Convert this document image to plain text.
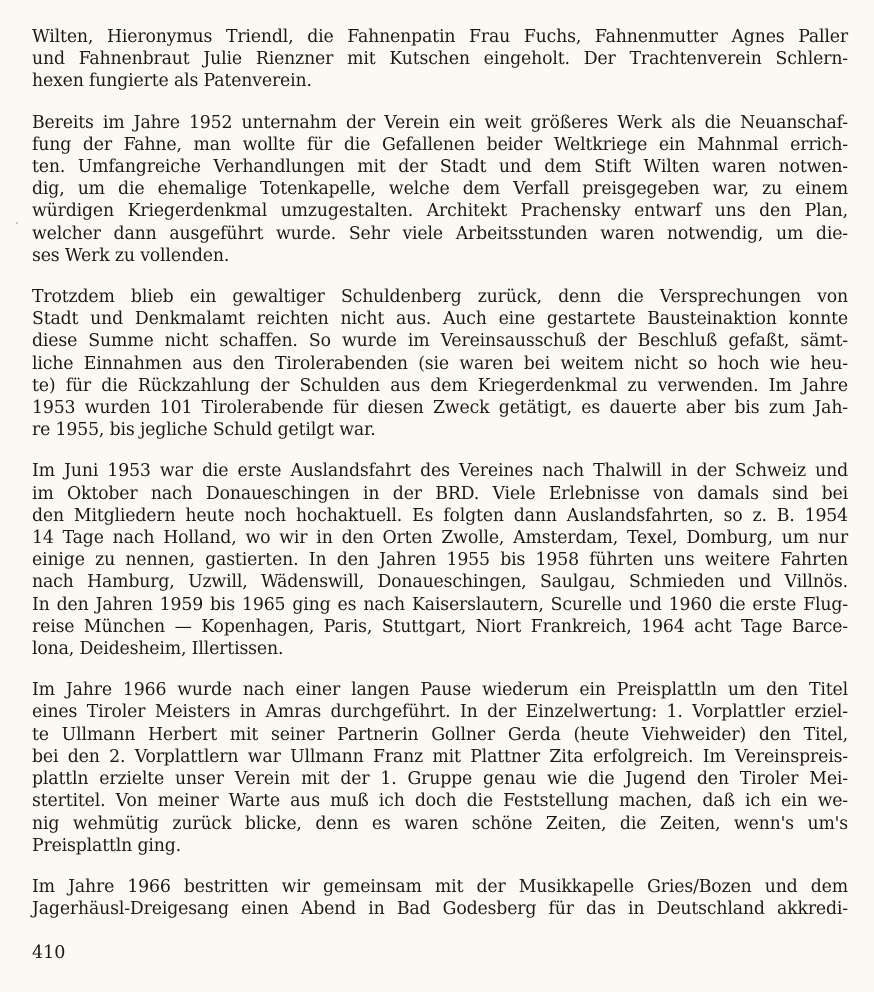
Wilten, Hieronymus Triendl, die Fahnenpatin Frau Fuchs, Fahnenmutter Agnes Paller
und Fahnenbraut Julie Rienzner mit Kutschen eingeholt. Der Trachtenverein Schlern-
hexen fungierte als Patenverein.

Bereits im Jahre 1952 unternahm der Verein ein weit größeres Werk als die Neuanschaf-
fung der Fahne, man wollte für die Gefallenen beider Weltkriege ein Mahnmal errich-
ten. Umfangreiche Verhandlungen mit der Stadt und dem Stift Wilten waren notwen-
dig, um die ehemalige Totenkapelle, welche dem Verfall preisgegeben war, zu einem
würdigen Kriegerdenkmal umzugestalten. Architekt Prachensky entwarf uns den Plan,
welcher dann ausgeführt wurde. Sehr viele Arbeitsstunden waren notwendig, um die-
ses Werk zu vollenden.

Trotzdem blieb ein gewaltiger Schuldenberg zurück, denn die Versprechungen von
Stadt und Denkmalamt reichten nicht aus. Auch eine gestartete Bausteinaktion konnte
diese Summe nicht schaffen. So wurde im Vereinsausschuß der Beschluß gefaßt, sämt-
liche Einnahmen aus den Tirolerabenden (sie waren bei weitem nicht so hoch wie heu-
te) für die Rückzahlung der Schulden aus dem Kriegerdenkmal zu verwenden. Im Jahre
1953 wurden 101 Tirolerabende für diesen Zweck getätigt, es dauerte aber bis zum Jah-
re 1955, bis jegliche Schuld getilgt war.

Im Juni 1953 war die erste Auslandsfahrt des Vereines nach Thalwill in der Schweiz und
im Oktober nach Donaueschingen in der BRD. Viele Erlebnisse von damals sind bei
den Mitgliedern heute noch hochaktuell. Es folgten dann Auslandsfahrten, so z. B. 1954
14 Tage nach Holland, wo wir in den Orten Zwolle, Amsterdam, Texel, Domburg, um nur
einige zu nennen, gastierten. In den Jahren 1955 bis 1958 führten uns weitere Fahrten
nach Hamburg, Uzwill, Wädenswill, Donaueschingen, Saulgau, Schmieden und Villnös.
In den Jahren 1959 bis 1965 ging es nach Kaiserslautern, Scurelle und 1960 die erste Flug-
reise München — Kopenhagen, Paris, Stuttgart, Niort Frankreich, 1964 acht Tage Barce-
lona, Deidesheim, Illertissen.

Im Jahre 1966 wurde nach einer langen Pause wiederum ein Preisplattln um den Titel
eines Tiroler Meisters in Amras durchgeführt. In der Einzelwertung: 1. Vorplattler erziel-
te Ullmann Herbert mit seiner Partnerin Gollner Gerda (heute Viehweider) den Titel,
bei den 2. Vorplattlern war Ullmann Franz mit Plattner Zita erfolgreich. Im Vereinspreis-
plattln erzielte unser Verein mit der 1. Gruppe genau wie die Jugend den Tiroler Mei-
stertitel. Von meiner Warte aus muß ich doch die Feststellung machen, daß ich ein we-
nig wehmütig zurück blicke, denn es waren schöne Zeiten, die Zeiten, wenn's um's
Preisplattln ging.

Im Jahre 1966 bestritten wir gemeinsam mit der Musikkapelle Gries/Bozen und dem
Jagerhäusl-Dreigesang einen Abend in Bad Godesberg für das in Deutschland akkredi-

410
